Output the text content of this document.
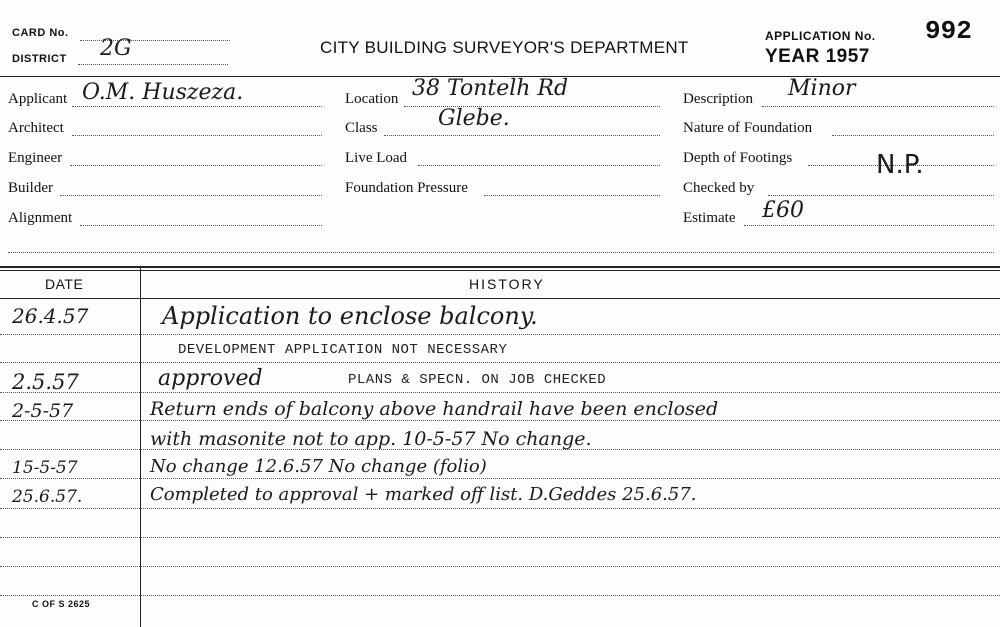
CARD No.
DISTRICT 2G	CITY BUILDING SURVEYOR'S DEPARTMENT
APPLICATION No. 992
YEAR 1957
Applicant O.M. Huszeza.
Architect
Engineer
Builder
Alignment
Location 38 Tontelh Rd
Class	Glebe.
Live Load
Foundation Pressure
Description Minor
Nature of Foundation
Depth of Footings	N.P.
Checked by
Estimate £60
DATE	HISTORY
26.4.57	Application to enclose balcony.
DEVELOPMENT APPLICATION NOT NECESSARY
2.5.57	approved	PLANS & SPECN. ON JOB CHECKED
2-5-57	Return ends of balcony above handrail have been enclosed
with masonite not to app. 10-5-57 No change.
15-5-57	No change 12.6.57 No change (folio)
25.6.57.	Completed to approval + marked off list. D.Geddes 25.6.57.
C OF S 2625
